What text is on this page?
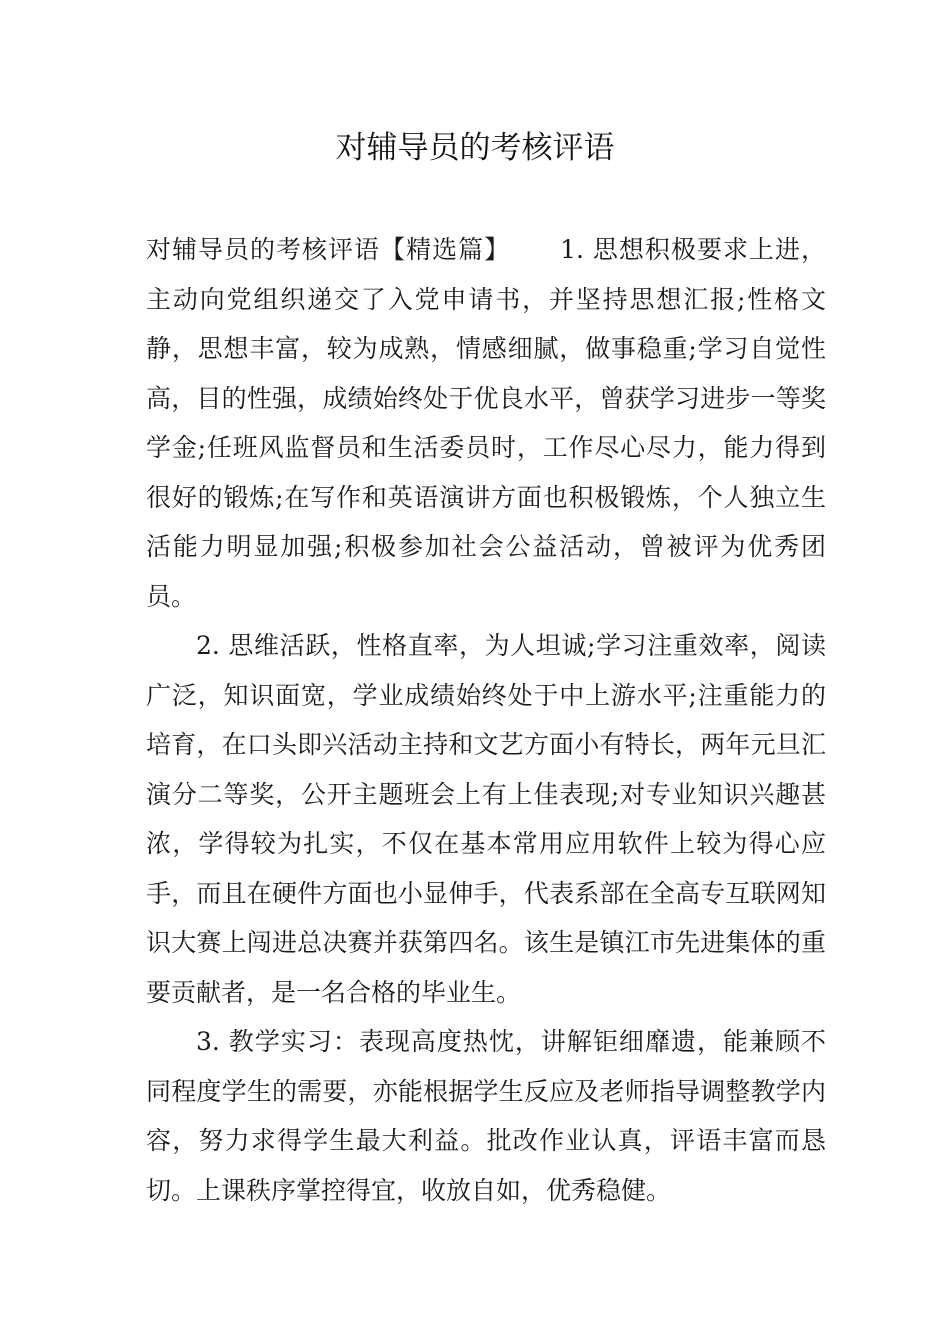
对辅导员的考核评语

对辅导员的考核评语【精选篇】 1. 思想积极要求上进，主动向党组织递交了入党申请书，并坚持思想汇报;性格文静，思想丰富，较为成熟，情感细腻，做事稳重;学习自觉性高，目的性强，成绩始终处于优良水平，曾获学习进步一等奖学金;任班风监督员和生活委员时，工作尽心尽力，能力得到很好的锻炼;在写作和英语演讲方面也积极锻炼，个人独立生活能力明显加强;积极参加社会公益活动，曾被评为优秀团员。

2. 思维活跃，性格直率，为人坦诚;学习注重效率，阅读广泛，知识面宽，学业成绩始终处于中上游水平;注重能力的培育，在口头即兴活动主持和文艺方面小有特长，两年元旦汇演分二等奖，公开主题班会上有上佳表现;对专业知识兴趣甚浓，学得较为扎实，不仅在基本常用应用软件上较为得心应手，而且在硬件方面也小显伸手，代表系部在全高专互联网知识大赛上闯进总决赛并获第四名。该生是镇江市先进集体的重要贡献者，是一名合格的毕业生。

3. 教学实习：表现高度热忱，讲解钜细靡遗，能兼顾不同程度学生的需要，亦能根据学生反应及老师指导调整教学内容，努力求得学生最大利益。批改作业认真，评语丰富而恳切。上课秩序掌控得宜，收放自如，优秀稳健。
